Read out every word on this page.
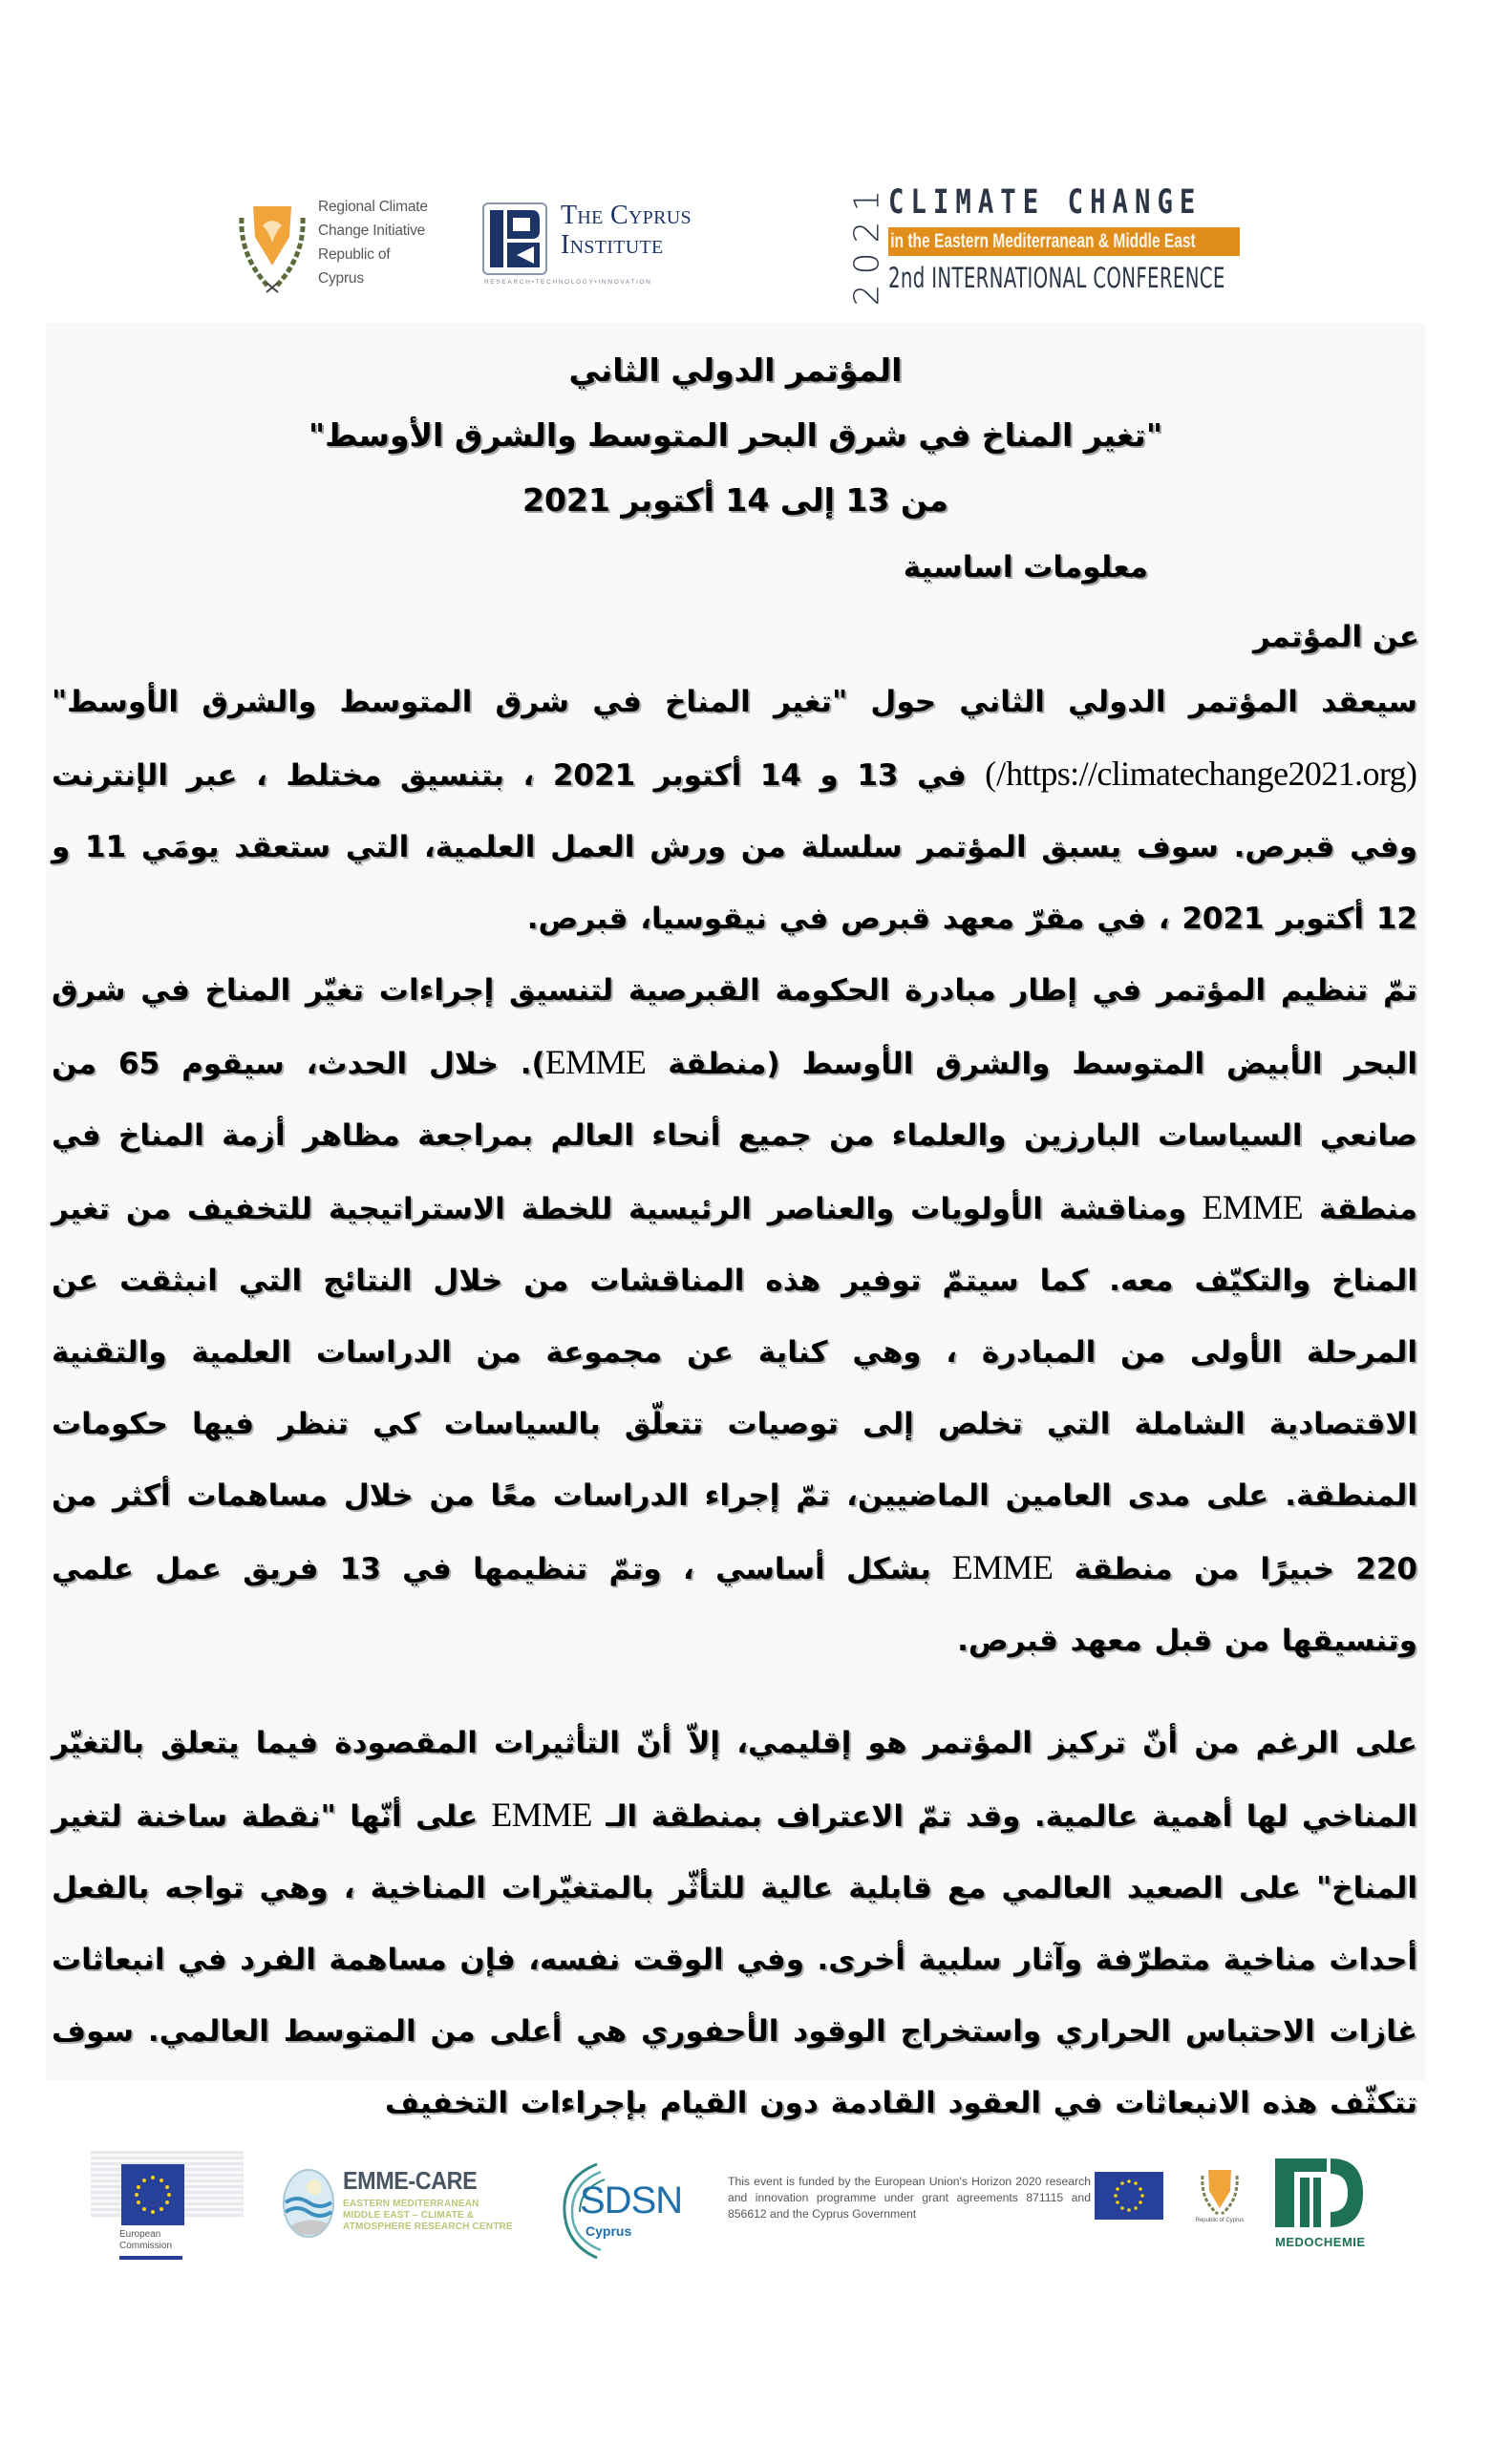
Regional Climate
Change Initiative
Republic of
Cyprus
The Cyprus
Institute
RESEARCH•TECHNOLOGY•INNOVATION	2021 CLIMATE CHANGE
in the Eastern Mediterranean & Middle East
2nd INTERNATIONAL CONFERENCE
المؤتمر الدولي الثاني
"تغير المناخ في شرق البحر المتوسط والشرق الأوسط"
من 13 إلى 14 أكتوبر 2021
معلومات اساسية
عن المؤتمر

سيعقد المؤتمر الدولي الثاني حول "تغير المناخ في شرق المتوسط والشرق الأوسط" (/https://climatechange2021.org) في 13 و 14 أكتوبر 2021 ، بتنسيق مختلط ، عبر الإنترنت وفي قبرص. سوف يسبق المؤتمر سلسلة من ورش العمل العلمية، التي ستعقد يومَي 11 و 12 أكتوبر 2021 ، في مقرّ معهد قبرص في نيقوسيا، قبرص.

تمّ تنظيم المؤتمر في إطار مبادرة الحكومة القبرصية لتنسيق إجراءات تغيّر المناخ في شرق البحر الأبيض المتوسط والشرق الأوسط (منطقة EMME). خلال الحدث، سيقوم 65 من صانعي السياسات البارزين والعلماء من جميع أنحاء العالم بمراجعة مظاهر أزمة المناخ في منطقة EMME ومناقشة الأولويات والعناصر الرئيسية للخطة الاستراتيجية للتخفيف من تغير المناخ والتكيّف معه. كما سيتمّ توفير هذه المناقشات من خلال النتائج التي انبثقت عن المرحلة الأولى من المبادرة ، وهي كناية عن مجموعة من الدراسات العلمية والتقنية الاقتصادية الشاملة التي تخلص إلى توصيات تتعلّق بالسياسات كي تنظر فيها حكومات المنطقة. على مدى العامين الماضيين، تمّ إجراء الدراسات معًا من خلال مساهمات أكثر من 220 خبيرًا من منطقة EMME بشكل أساسي ، وتمّ تنظيمها في 13 فريق عمل علمي وتنسيقها من قبل معهد قبرص.

على الرغم من أنّ تركيز المؤتمر هو إقليمي، إلاّ أنّ التأثيرات المقصودة فيما يتعلق بالتغيّر المناخي لها أهمية عالمية. وقد تمّ الاعتراف بمنطقة الـ EMME على أنّها "نقطة ساخنة لتغير المناخ" على الصعيد العالمي مع قابلية عالية للتأثّر بالمتغيّرات المناخية ، وهي تواجه بالفعل أحداث مناخية متطرّفة وآثار سلبية أخرى. وفي الوقت نفسه، فإن مساهمة الفرد في انبعاثات غازات الاحتباس الحراري واستخراج الوقود الأحفوري هي أعلى من المتوسط العالمي. سوف تتكثّف هذه الانبعاثات في العقود القادمة دون القيام بإجراءات التخفيف

European
Commission
EMME-CARE
EASTERN MEDITERRANEAN
MIDDLE EAST – CLIMATE &
ATMOSPHERE RESEARCH CENTRE
SDSN
Cyprus
This event is funded by the European Union's Horizon 2020 research and innovation programme under grant agreements 871115 and 856612 and the Cyprus Government	Republic of Cyprus
MEDOCHEMIE
